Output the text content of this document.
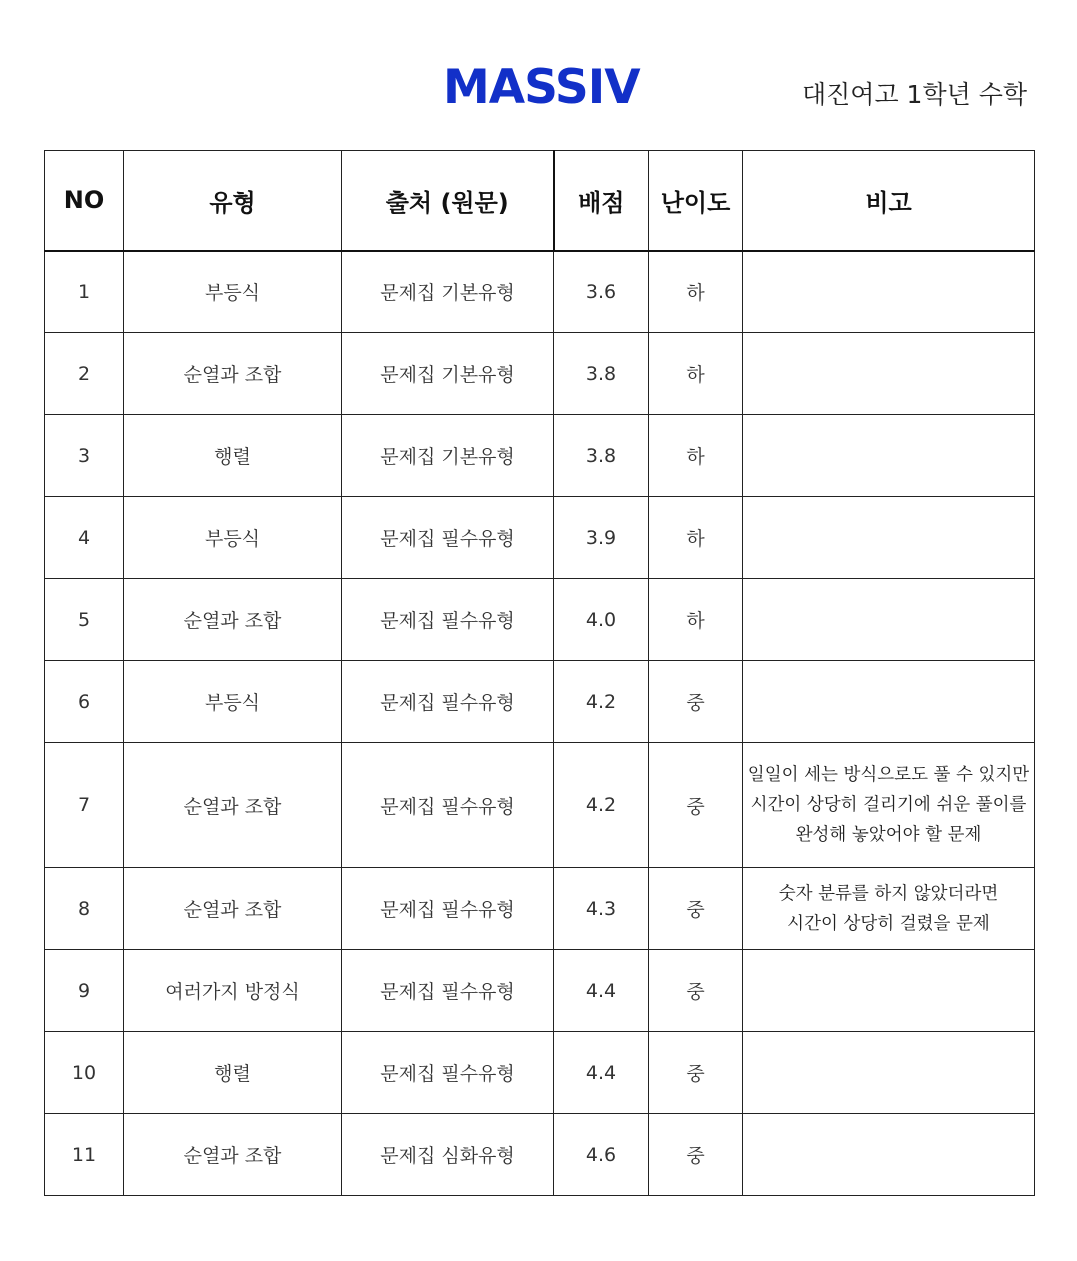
MASSIV	대진여고 1학년 수학
NO	유형	출처 (원문)	배점	난이도	비고
1	부등식	문제집 기본유형	3.6	하	
2	순열과 조합	문제집 기본유형	3.8	하	
3	행렬	문제집 기본유형	3.8	하	
4	부등식	문제집 필수유형	3.9	하	
5	순열과 조합	문제집 필수유형	4.0	하	
6	부등식	문제집 필수유형	4.2	중	
7	순열과 조합	문제집 필수유형	4.2	중	일일이 세는 방식으로도 풀 수 있지만
시간이 상당히 걸리기에 쉬운 풀이를
완성해 놓았어야 할 문제

8	순열과 조합	문제집 필수유형	4.3	중	숫자 분류를 하지 않았더라면
시간이 상당히 걸렸을 문제

9	여러가지 방정식	문제집 필수유형	4.4	중	
10	행렬	문제집 필수유형	4.4	중	
11	순열과 조합	문제집 심화유형	4.6	중	
